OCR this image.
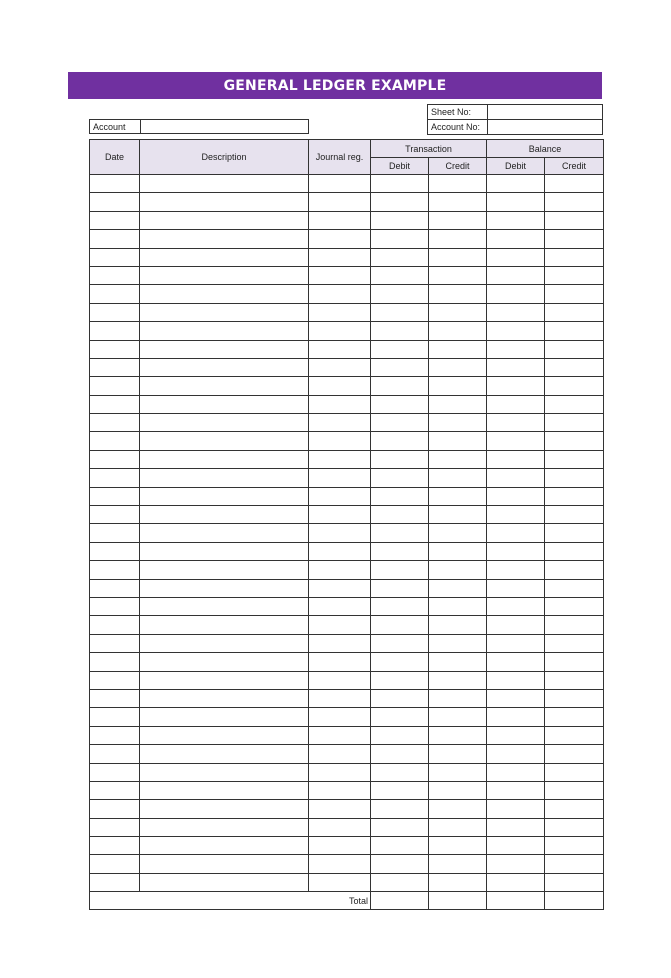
GENERAL LEDGER EXAMPLE
Sheet No:
Account	Account No:
Date	Description	Journal reg.	Transaction		Balance	
			Debit	Credit	Debit	Credit

Total						
